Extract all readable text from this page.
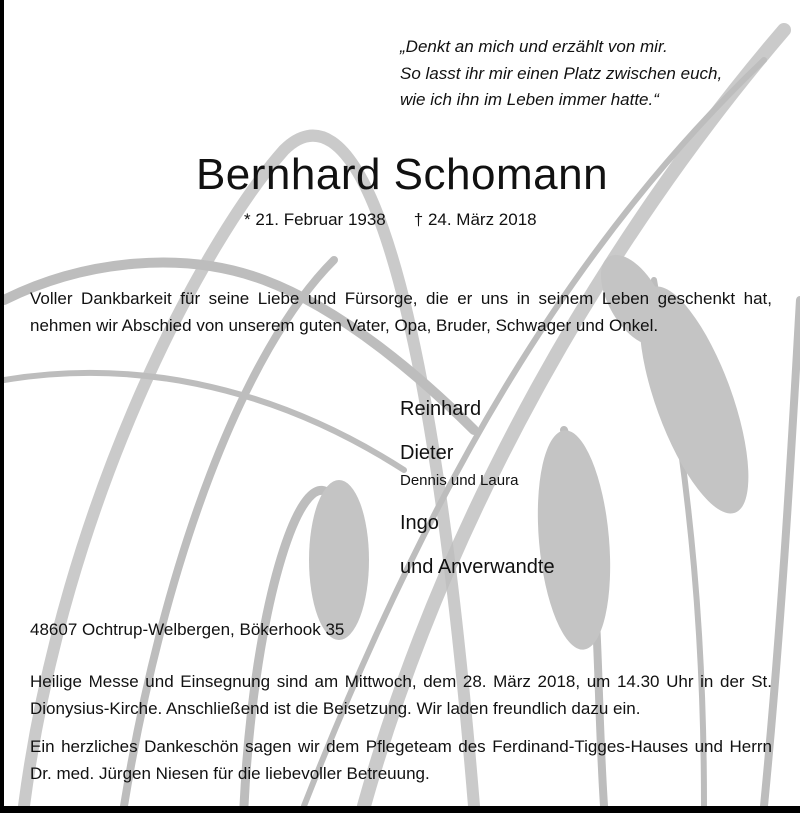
„Denkt an mich und erzählt von mir.
So lasst ihr mir einen Platz zwischen euch,
wie ich ihn im Leben immer hatte.“
Bernhard Schomann
* 21. Februar 1938 † 24. März 2018
Voller Dankbarkeit für seine Liebe und Fürsorge, die er uns in seinem Leben geschenkt hat, nehmen wir Abschied von unserem guten Vater, Opa, Bruder, Schwager und Onkel.
Reinhard
Dieter
Dennis und Laura
Ingo
und Anverwandte
48607 Ochtrup-Welbergen, Bökerhook 35
Heilige Messe und Einsegnung sind am Mittwoch, dem 28. März 2018, um 14.30 Uhr in der St. Dionysius-Kirche. Anschließend ist die Beisetzung. Wir laden freundlich dazu ein.
Ein herzliches Dankeschön sagen wir dem Pflegeteam des Ferdinand-Tigges-Hauses und Herrn Dr. med. Jürgen Niesen für die liebevoller Betreuung.
